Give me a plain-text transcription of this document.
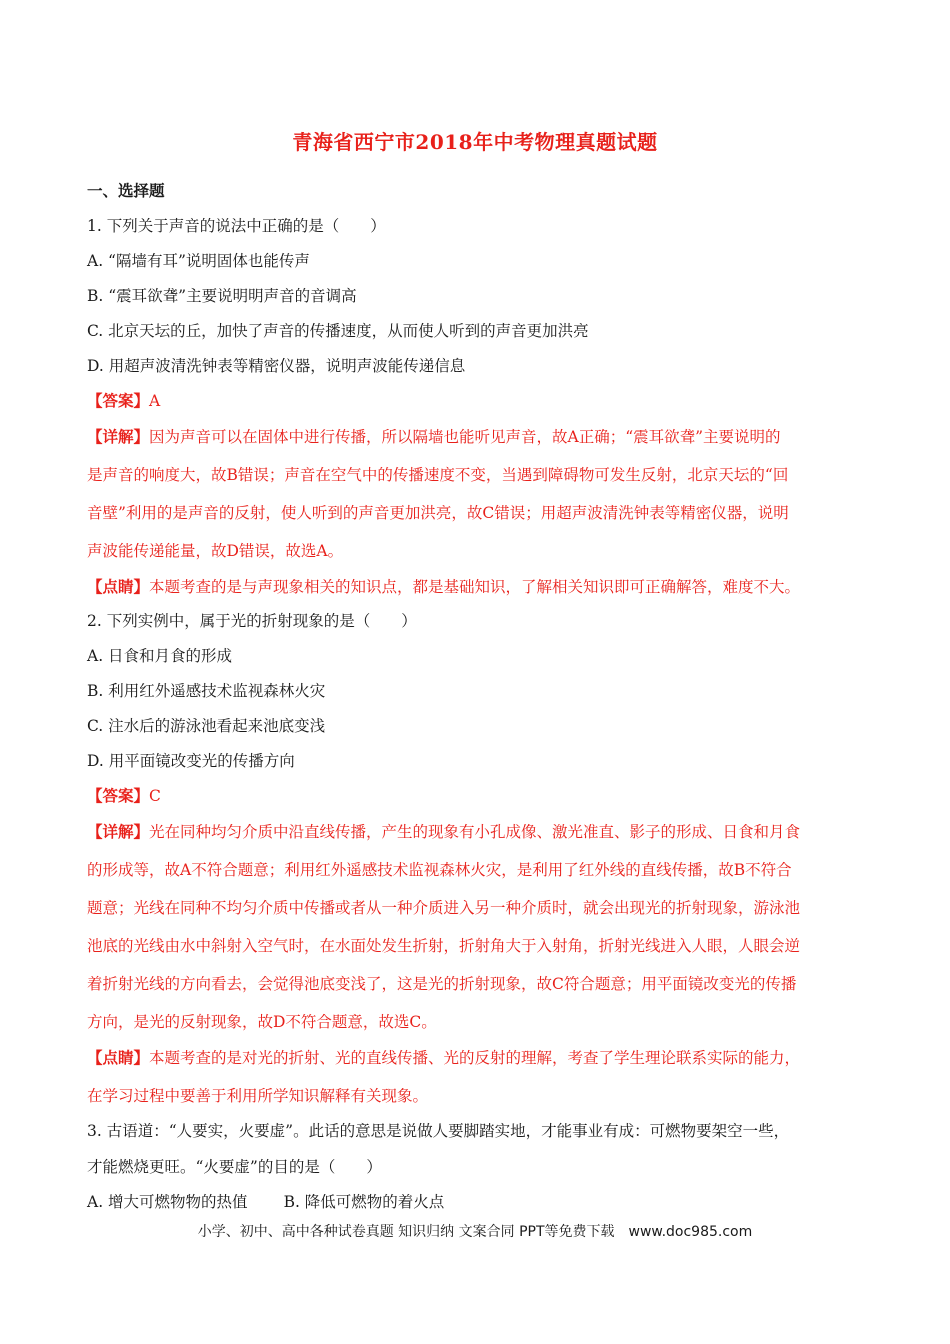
青海省西宁市2018年中考物理真题试题
一、选择题
1. 下列关于声音的说法中正确的是（　　）
A. “隔墙有耳”说明固体也能传声
B. “震耳欲聋”主要说明明声音的音调高
C. 北京天坛的丘，加快了声音的传播速度，从而使人听到的声音更加洪亮
D. 用超声波清洗钟表等精密仪器，说明声波能传递信息
【答案】A
【详解】因为声音可以在固体中进行传播，所以隔墙也能听见声音，故A正确；“震耳欲聋”主要说明的
是声音的响度大，故B错误；声音在空气中的传播速度不变，当遇到障碍物可发生反射，北京天坛的“回
音壁”利用的是声音的反射，使人听到的声音更加洪亮，故C错误；用超声波清洗钟表等精密仪器，说明
声波能传递能量，故D错误，故选A。
【点睛】本题考查的是与声现象相关的知识点，都是基础知识，了解相关知识即可正确解答，难度不大。
2. 下列实例中，属于光的折射现象的是（　　）
A. 日食和月食的形成
B. 利用红外遥感技术监视森林火灾
C. 注水后的游泳池看起来池底变浅
D. 用平面镜改变光的传播方向
【答案】C
【详解】光在同种均匀介质中沿直线传播，产生的现象有小孔成像、激光准直、影子的形成、日食和月食
的形成等，故A不符合题意；利用红外遥感技术监视森林火灾，是利用了红外线的直线传播，故B不符合
题意；光线在同种不均匀介质中传播或者从一种介质进入另一种介质时，就会出现光的折射现象，游泳池
池底的光线由水中斜射入空气时，在水面处发生折射，折射角大于入射角，折射光线进入人眼，人眼会逆
着折射光线的方向看去，会觉得池底变浅了，这是光的折射现象，故C符合题意；用平面镜改变光的传播
方向，是光的反射现象，故D不符合题意，故选C。
【点睛】本题考查的是对光的折射、光的直线传播、光的反射的理解，考查了学生理论联系实际的能力，
在学习过程中要善于利用所学知识解释有关现象。
3. 古语道：“人要实，火要虚”。此话的意思是说做人要脚踏实地，才能事业有成：可燃物要架空一些，
才能燃烧更旺。“火要虚”的目的是（　　）
A. 增大可燃物物的热值 B. 降低可燃物的着火点
小学、初中、高中各种试卷真题 知识归纳 文案合同 PPT等免费下载　www.doc985.com
